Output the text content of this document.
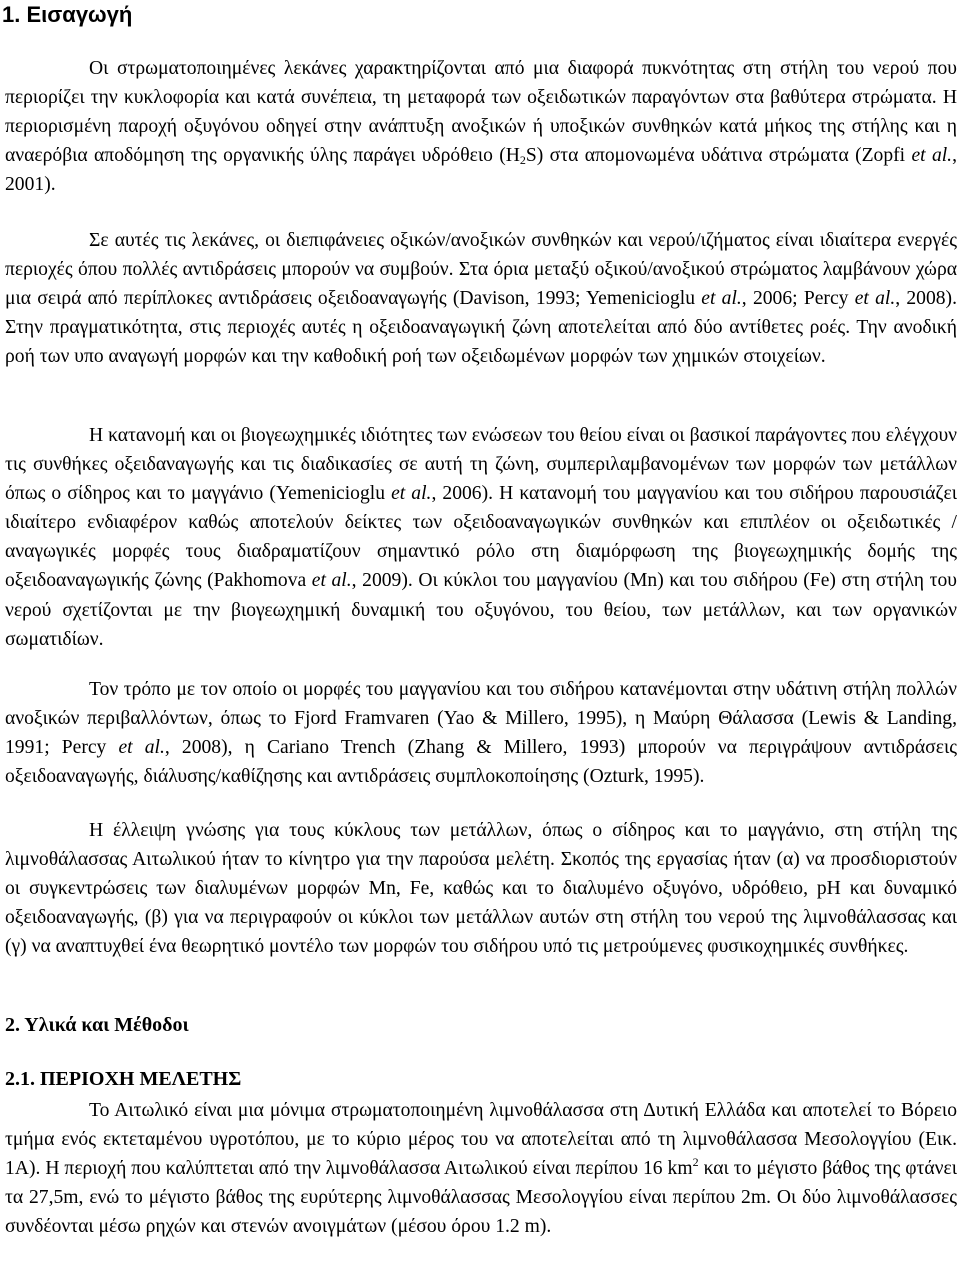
1. Εισαγωγή

Οι στρωματοποιημένες λεκάνες χαρακτηρίζονται από μια διαφορά πυκνότητας στη στήλη του νερού που περιορίζει την κυκλοφορία και κατά συνέπεια, τη μεταφορά των οξειδωτικών παραγόντων στα βαθύτερα στρώματα. Η περιορισμένη παροχή οξυγόνου οδηγεί στην ανάπτυξη ανοξικών ή υποξικών συνθηκών κατά μήκος της στήλης και η αναερόβια αποδόμηση της οργανικής ύλης παράγει υδρόθειο $(H_2S)$ στα απομονωμένα υδάτινα στρώματα (Zopfi et al., 2001).

Σε αυτές τις λεκάνες, οι διεπιφάνειες οξικών/ανοξικών συνθηκών και νερού/ιζήματος είναι ιδιαίτερα ενεργές περιοχές όπου πολλές αντιδράσεις μπορούν να συμβούν. Στα όρια μεταξύ οξικού/ανοξικού στρώματος λαμβάνουν χώρα μια σειρά από περίπλοκες αντιδράσεις οξειδοαναγωγής (Davison, 1993; Yemenicioglu et al., 2006; Percy et al., 2008). Στην πραγματικότητα, στις περιοχές αυτές η οξειδοαναγωγική ζώνη αποτελείται από δύο αντίθετες ροές. Την ανοδική ροή των υπο αναγωγή μορφών και την καθοδική ροή των οξειδωμένων μορφών των χημικών στοιχείων.

Η κατανομή και οι βιογεωχημικές ιδιότητες των ενώσεων του θείου είναι οι βασικοί παράγοντες που ελέγχουν τις συνθήκες οξειδαναγωγής και τις διαδικασίες σε αυτή τη ζώνη, συμπεριλαμβανομένων των μορφών των μετάλλων όπως ο σίδηρος και το μαγγάνιο (Yemenicioglu et al., 2006). Η κατανομή του μαγγανίου και του σιδήρου παρουσιάζει ιδιαίτερο ενδιαφέρον καθώς αποτελούν δείκτες των οξειδοαναγωγικών συνθηκών και επιπλέον οι οξειδωτικές / αναγωγικές μορφές τους διαδραματίζουν σημαντικό ρόλο στη διαμόρφωση της βιογεωχημικής δομής της οξειδοαναγωγικής ζώνης (Pakhomova et al., 2009). Οι κύκλοι του μαγγανίου (Mn) και του σιδήρου (Fe) στη στήλη του νερού σχετίζονται με την βιογεωχημική δυναμική του οξυγόνου, του θείου, των μετάλλων, και των οργανικών σωματιδίων.

Τον τρόπο με τον οποίο οι μορφές του μαγγανίου και του σιδήρου κατανέμονται στην υδάτινη στήλη πολλών ανοξικών περιβαλλόντων, όπως το Fjord Framvaren (Yao & Millero, 1995), η Μαύρη Θάλασσα (Lewis & Landing, 1991; Percy et al., 2008), η Cariano Trench (Zhang & Millero, 1993) μπορούν να περιγράψουν αντιδράσεις οξειδοαναγωγής, διάλυσης/καθίζησης και αντιδράσεις συμπλοκοποίησης (Ozturk, 1995).

Η έλλειψη γνώσης για τους κύκλους των μετάλλων, όπως ο σίδηρος και το μαγγάνιο, στη στήλη της λιμνοθάλασσας Αιτωλικού ήταν το κίνητρο για την παρούσα μελέτη. Σκοπός της εργασίας ήταν (α) να προσδιοριστούν οι συγκεντρώσεις των διαλυμένων μορφών Mn, Fe, καθώς και το διαλυμένο οξυγόνο, υδρόθειο, pH και δυναμικό οξειδοαναγωγής, (β) για να περιγραφούν οι κύκλοι των μετάλλων αυτών στη στήλη του νερού της λιμνοθάλασσας και (γ) να αναπτυχθεί ένα θεωρητικό μοντέλο των μορφών του σιδήρου υπό τις μετρούμενες φυσικοχημικές συνθήκες.

2. Υλικά και Μέθοδοι
2.1. ΠΕΡΙΟΧΗ ΜΕΛΕΤΗΣ

Το Αιτωλικό είναι μια μόνιμα στρωματοποιημένη λιμνοθάλασσα στη Δυτική Ελλάδα και αποτελεί το Βόρειο τμήμα ενός εκτεταμένου υγροτόπου, με το κύριο μέρος του να αποτελείται από τη λιμνοθάλασσα Μεσολογγίου (Εικ. 1Α). Η περιοχή που καλύπτεται από την λιμνοθάλασσα Αιτωλικού είναι περίπου 16 $km^2$ και το μέγιστο βάθος της φτάνει τα 27,5m, ενώ το μέγιστο βάθος της ευρύτερης λιμνοθάλασσας Μεσολογγίου είναι περίπου 2m. Οι δύο λιμνοθάλασσες συνδέονται μέσω ρηχών και στενών ανοιγμάτων (μέσου όρου 1.2 m).
